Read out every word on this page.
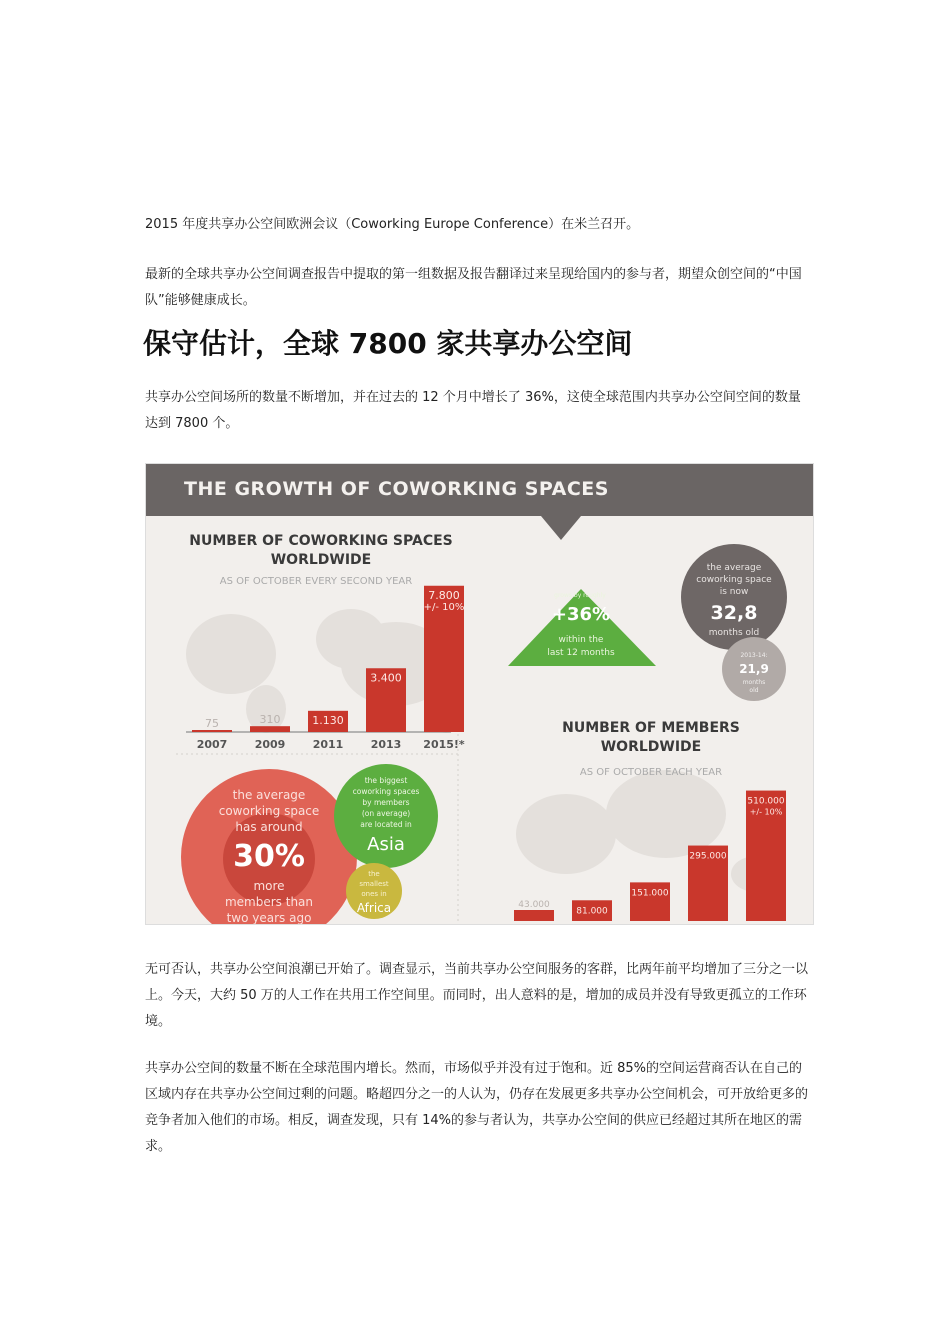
2015 年度共享办公空间欧洲会议（Coworking Europe Conference）在米兰召开。

最新的全球共享办公空间调查报告中提取的第一组数据及报告翻译过来呈现给国内的参与者，期望众创空间的“中国队”能够健康成长。

保守估计，全球 7800 家共享办公空间

共享办公空间场所的数量不断增加，并在过去的 12 个月中增长了 36%，这使全球范围内共享办公空间空间的数量达到 7800 个。

THE GROWTH OF COWORKING SPACES
75
2007
310
2009
1.130
2011
3.400
2013
7.800
+/- 10%
2015!*
43.000
81.000
151.000
295.000
510.000
+/- 10%
+36%
within the
last 12 months
the average
coworking space
is now
32,8
months old
2013-14:
21,9
months
old
the average
coworking space
has around
30%
more
members than
two years ago
the biggest
coworking spaces
by members
(on average)
are located in
Asia
the
smallest
ones in
Africa
NUMBER OF COWORKING SPACES WORLDWIDE
AS OF OCTOBER EVERY SECOND YEAR
NUMBER OF MEMBERS WORLDWIDE
AS OF OCTOBER EACH YEAR
grows by roughly

无可否认，共享办公空间浪潮已开始了。调查显示，当前共享办公空间服务的客群，比两年前平均增加了三分之一以上。今天，大约 50 万的人工作在共用工作空间里。而同时，出人意料的是，增加的成员并没有导致更孤立的工作环境。

共享办公空间的数量不断在全球范围内增长。然而，市场似乎并没有过于饱和。近 85%的空间运营商否认在自己的区域内存在共享办公空间过剩的问题。略超四分之一的人认为，仍存在发展更多共享办公空间机会，可开放给更多的竞争者加入他们的市场。相反，调查发现，只有 14%的参与者认为，共享办公空间的供应已经超过其所在地区的需求。
